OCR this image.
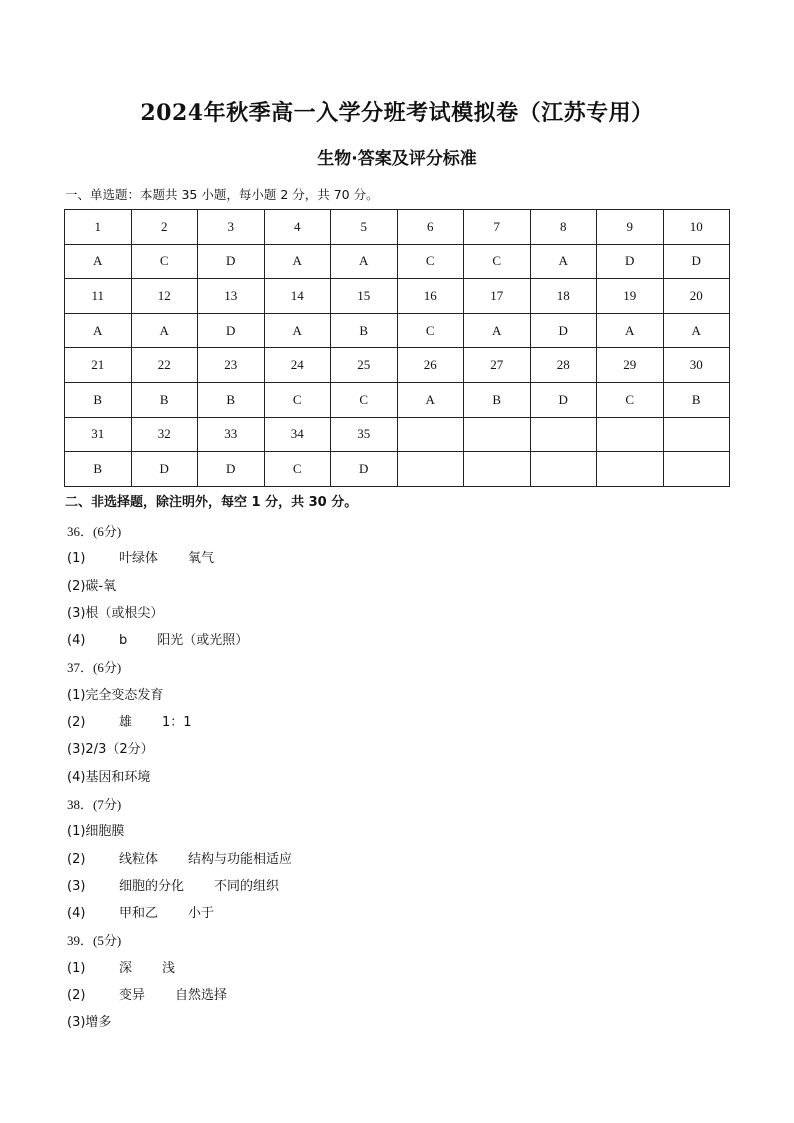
2024年秋季高一入学分班考试模拟卷（江苏专用）
生物·答案及评分标准
一、单选题：本题共 35 小题，每小题 2 分，共 70 分。
1	2	3	4	5	6	7	8	9	10
A	C	D	A	A	C	C	A	D	D
11	12	13	14	15	16	17	18	19	20
A	A	D	A	B	C	A	D	A	A
21	22	23	24	25	26	27	28	29	30
B	B	B	C	C	A	B	D	C	B
31	32	33	34	35					
B	D	D	C	D					
二、非选择题，除注明外，每空 1 分，共 30 分。
36．(6分)
(1)	叶绿体 氧气
(2)碳-氧
(3)根（或根尖）
(4)	b 阳光（或光照）
37．(6分)
(1)完全变态发育
(2)	雄 1：1
(3)2/3（2分）
(4)基因和环境
38．(7分)
(1)细胞膜
(2)	线粒体 结构与功能相适应
(3)	细胞的分化 不同的组织
(4)	甲和乙 小于
39．(5分)
(1)	深 浅
(2)	变异 自然选择
(3)增多
